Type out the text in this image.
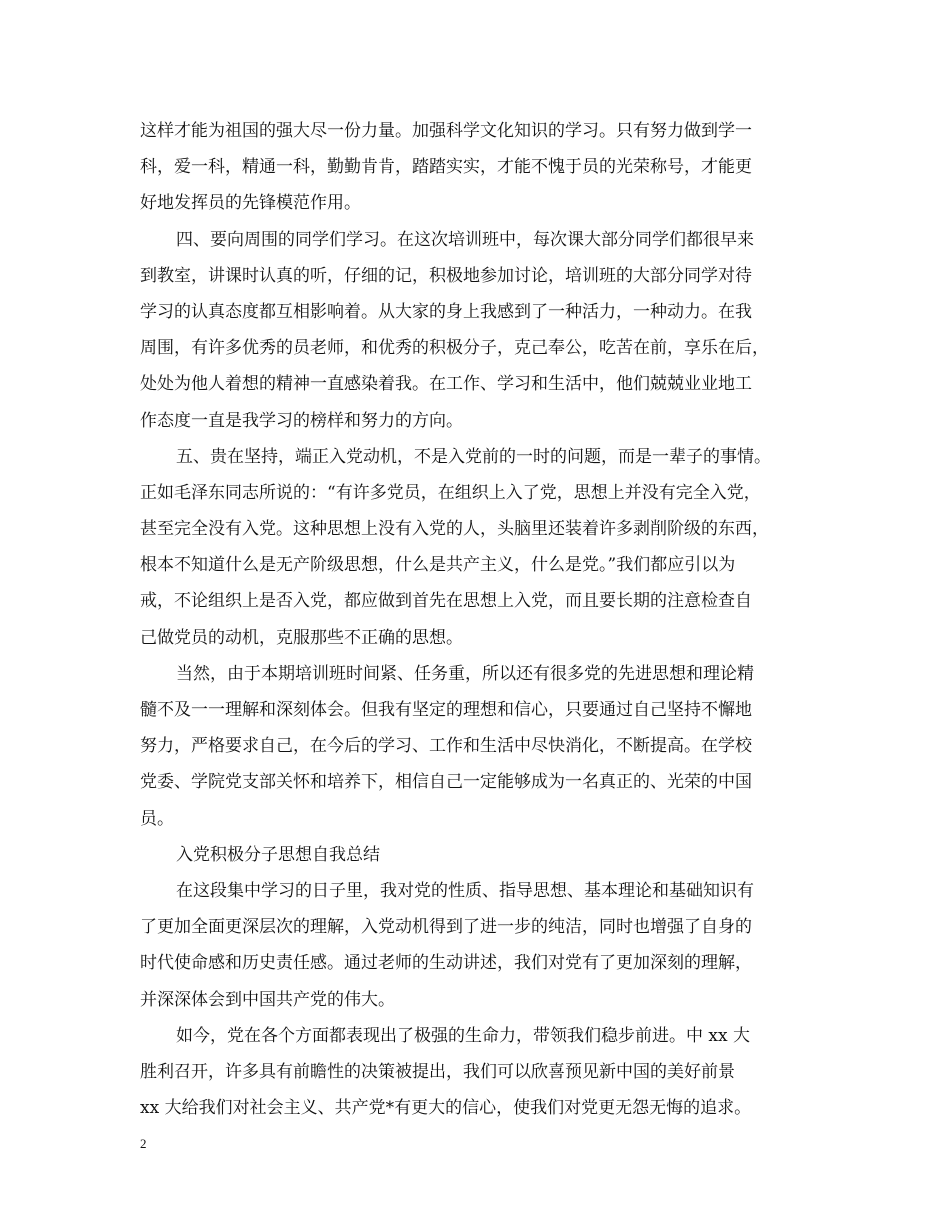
这样才能为祖国的强大尽一份力量。加强科学文化知识的学习。只有努力做到学一
科，爱一科，精通一科，勤勤肯肯，踏踏实实，才能不愧于员的光荣称号，才能更
好地发挥员的先锋模范作用。
四、要向周围的同学们学习。在这次培训班中，每次课大部分同学们都很早来
到教室，讲课时认真的听，仔细的记，积极地参加讨论，培训班的大部分同学对待
学习的认真态度都互相影响着。从大家的身上我感到了一种活力，一种动力。在我
周围，有许多优秀的员老师，和优秀的积极分子，克己奉公，吃苦在前，享乐在后，
处处为他人着想的精神一直感染着我。在工作、学习和生活中，他们兢兢业业地工
作态度一直是我学习的榜样和努力的方向。
五、贵在坚持，端正入党动机，不是入党前的一时的问题，而是一辈子的事情。
正如毛泽东同志所说的：“有许多党员，在组织上入了党，思想上并没有完全入党，
甚至完全没有入党。这种思想上没有入党的人，头脑里还装着许多剥削阶级的东西，
根本不知道什么是无产阶级思想，什么是共产主义，什么是党。”我们都应引以为
戒，不论组织上是否入党，都应做到首先在思想上入党，而且要长期的注意检查自
己做党员的动机，克服那些不正确的思想。
当然，由于本期培训班时间紧、任务重，所以还有很多党的先进思想和理论精
髓不及一一理解和深刻体会。但我有坚定的理想和信心，只要通过自己坚持不懈地
努力，严格要求自己，在今后的学习、工作和生活中尽快消化，不断提高。在学校
党委、学院党支部关怀和培养下，相信自己一定能够成为一名真正的、光荣的中国
员。
入党积极分子思想自我总结
在这段集中学习的日子里，我对党的性质、指导思想、基本理论和基础知识有
了更加全面更深层次的理解，入党动机得到了进一步的纯洁，同时也增强了自身的
时代使命感和历史责任感。通过老师的生动讲述，我们对党有了更加深刻的理解，
并深深体会到中国共产党的伟大。
如今，党在各个方面都表现出了极强的生命力，带领我们稳步前进。中 xx 大
胜利召开，许多具有前瞻性的决策被提出，我们可以欣喜预见新中国的美好前景
xx 大给我们对社会主义、共产党*有更大的信心，使我们对党更无怨无悔的追求。
2
